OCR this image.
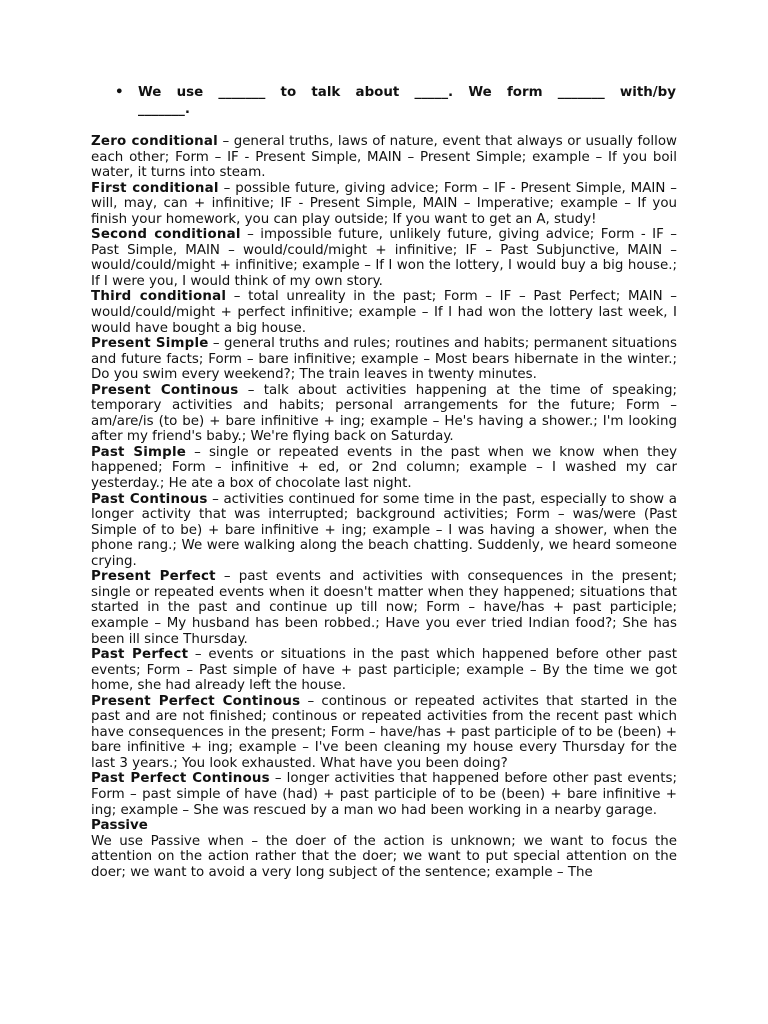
• We use _______ to talk about _____. We form _______ with/by
_______.

Zero conditional – general truths, laws of nature, event that always or usually follow each other; Form – IF - Present Simple, MAIN – Present Simple; example – If you boil water, it turns into steam.

First conditional – possible future, giving advice; Form – IF - Present Simple, MAIN – will, may, can + infinitive; IF - Present Simple, MAIN – Imperative; example – If you finish your homework, you can play outside; If you want to get an A, study!

Second conditional – impossible future, unlikely future, giving advice; Form - IF – Past Simple, MAIN – would/could/might + infinitive; IF – Past Subjunctive, MAIN – would/could/might + infinitive; example – If I won the lottery, I would buy a big house.; If I were you, I would think of my own story.

Third conditional – total unreality in the past; Form – IF – Past Perfect; MAIN – would/could/might + perfect infinitive; example – If I had won the lottery last week, I would have bought a big house.

Present Simple – general truths and rules; routines and habits; permanent situations and future facts; Form – bare infinitive; example – Most bears hibernate in the winter.; Do you swim every weekend?; The train leaves in twenty minutes.

Present Continous – talk about activities happening at the time of speaking; temporary activities and habits; personal arrangements for the future; Form – am/are/is (to be) + bare infinitive + ing; example – He's having a shower.; I'm looking after my friend's baby.; We're flying back on Saturday.

Past Simple – single or repeated events in the past when we know when they happened; Form – infinitive + ed, or 2nd column; example – I washed my car yesterday.; He ate a box of chocolate last night.

Past Continous – activities continued for some time in the past, especially to show a longer activity that was interrupted; background activities; Form – was/were (Past Simple of to be) + bare infinitive + ing; example – I was having a shower, when the phone rang.; We were walking along the beach chatting. Suddenly, we heard someone crying.

Present Perfect – past events and activities with consequences in the present; single or repeated events when it doesn't matter when they happened; situations that started in the past and continue up till now; Form – have/has + past participle; example – My husband has been robbed.; Have you ever tried Indian food?; She has been ill since Thursday.

Past Perfect – events or situations in the past which happened before other past events; Form – Past simple of have + past participle; example – By the time we got home, she had already left the house.

Present Perfect Continous – continous or repeated activites that started in the past and are not finished; continous or repeated activities from the recent past which have consequences in the present; Form – have/has + past participle of to be (been) + bare infinitive + ing; example – I've been cleaning my house every Thursday for the last 3 years.; You look exhausted. What have you been doing?

Past Perfect Continous – longer activities that happened before other past events; Form – past simple of have (had) + past participle of to be (been) + bare infinitive + ing; example – She was rescued by a man wo had been working in a nearby garage.

Passive

We use Passive when – the doer of the action is unknown; we want to focus the attention on the action rather that the doer; we want to put special attention on the doer; we want to avoid a very long subject of the sentence; example – The
